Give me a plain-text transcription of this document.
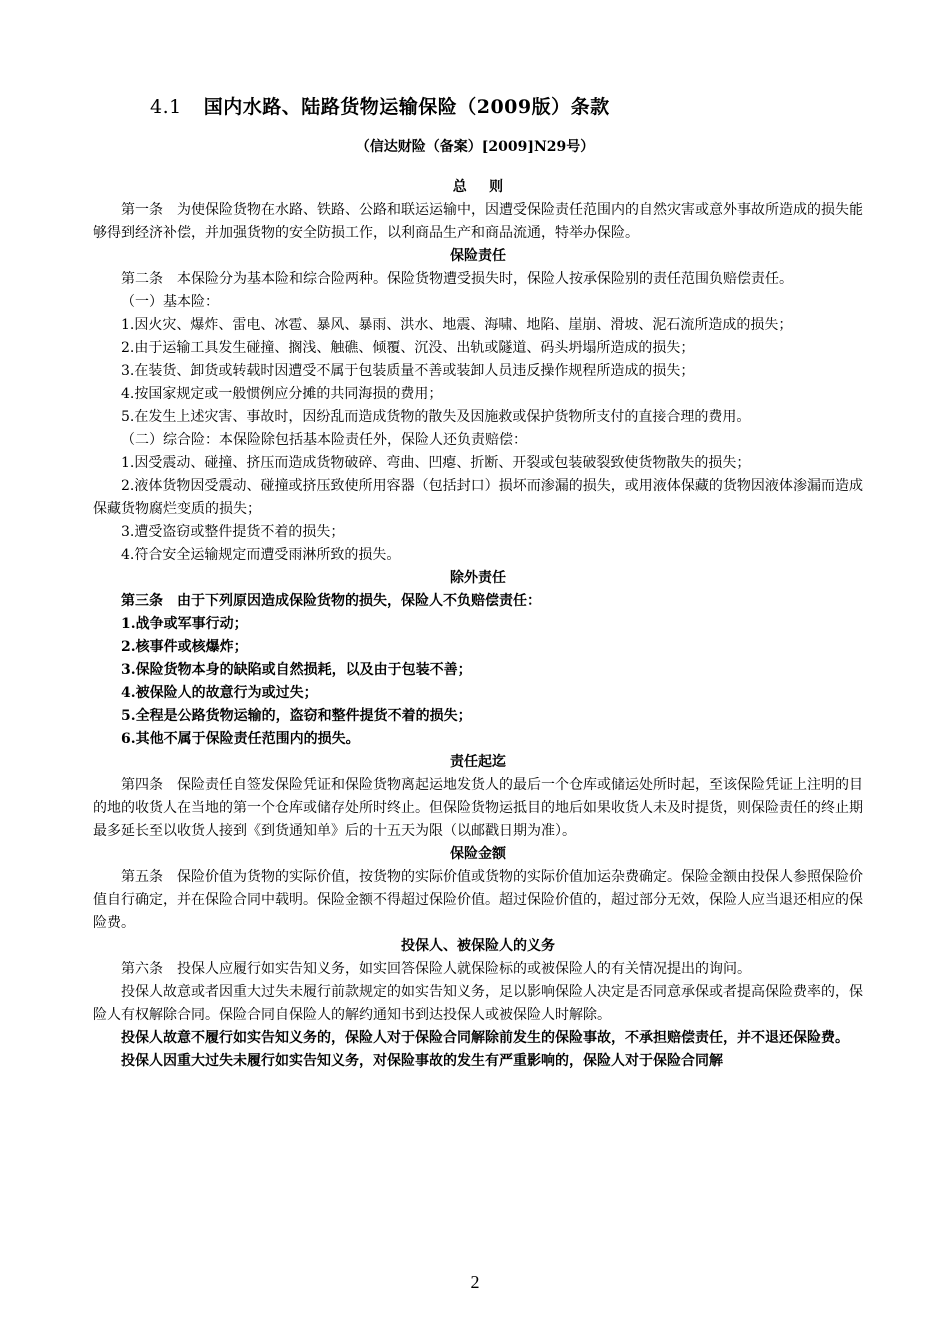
4.1 国内水路、陆路货物运输保险（2009版）条款
（信达财险（备案）[2009]N29号）

总则

第一条　为使保险货物在水路、铁路、公路和联运运输中，因遭受保险责任范围内的自然灾害或意外事故所造成的损失能够得到经济补偿，并加强货物的安全防损工作，以利商品生产和商品流通，特举办保险。

保险责任

第二条　本保险分为基本险和综合险两种。保险货物遭受损失时，保险人按承保险别的责任范围负赔偿责任。

（一）基本险：

1.因火灾、爆炸、雷电、冰雹、暴风、暴雨、洪水、地震、海啸、地陷、崖崩、滑坡、泥石流所造成的损失；

2.由于运输工具发生碰撞、搁浅、触礁、倾覆、沉没、出轨或隧道、码头坍塌所造成的损失；

3.在装货、卸货或转载时因遭受不属于包装质量不善或装卸人员违反操作规程所造成的损失；

4.按国家规定或一般惯例应分摊的共同海损的费用；

5.在发生上述灾害、事故时，因纷乱而造成货物的散失及因施救或保护货物所支付的直接合理的费用。

（二）综合险：本保险除包括基本险责任外，保险人还负责赔偿：

1.因受震动、碰撞、挤压而造成货物破碎、弯曲、凹瘪、折断、开裂或包装破裂致使货物散失的损失；

2.液体货物因受震动、碰撞或挤压致使所用容器（包括封口）损坏而渗漏的损失，或用液体保藏的货物因液体渗漏而造成保藏货物腐烂变质的损失；

3.遭受盗窃或整件提货不着的损失；

4.符合安全运输规定而遭受雨淋所致的损失。

除外责任

第三条　由于下列原因造成保险货物的损失，保险人不负赔偿责任：

1.战争或军事行动；

2.核事件或核爆炸；

3.保险货物本身的缺陷或自然损耗，以及由于包装不善；

4.被保险人的故意行为或过失；

5.全程是公路货物运输的，盗窃和整件提货不着的损失；

6.其他不属于保险责任范围内的损失。

责任起迄

第四条　保险责任自签发保险凭证和保险货物离起运地发货人的最后一个仓库或储运处所时起，至该保险凭证上注明的目的地的收货人在当地的第一个仓库或储存处所时终止。但保险货物运抵目的地后如果收货人未及时提货，则保险责任的终止期最多延长至以收货人接到《到货通知单》后的十五天为限（以邮戳日期为准）。

保险金额

第五条　保险价值为货物的实际价值，按货物的实际价值或货物的实际价值加运杂费确定。保险金额由投保人参照保险价值自行确定，并在保险合同中载明。保险金额不得超过保险价值。超过保险价值的，超过部分无效，保险人应当退还相应的保险费。

投保人、被保险人的义务

第六条　投保人应履行如实告知义务，如实回答保险人就保险标的或被保险人的有关情况提出的询问。

投保人故意或者因重大过失未履行前款规定的如实告知义务，足以影响保险人决定是否同意承保或者提高保险费率的，保险人有权解除合同。保险合同自保险人的解约通知书到达投保人或被保险人时解除。

投保人故意不履行如实告知义务的，保险人对于保险合同解除前发生的保险事故，不承担赔偿责任，并不退还保险费。

投保人因重大过失未履行如实告知义务，对保险事故的发生有严重影响的，保险人对于保险合同解

2
